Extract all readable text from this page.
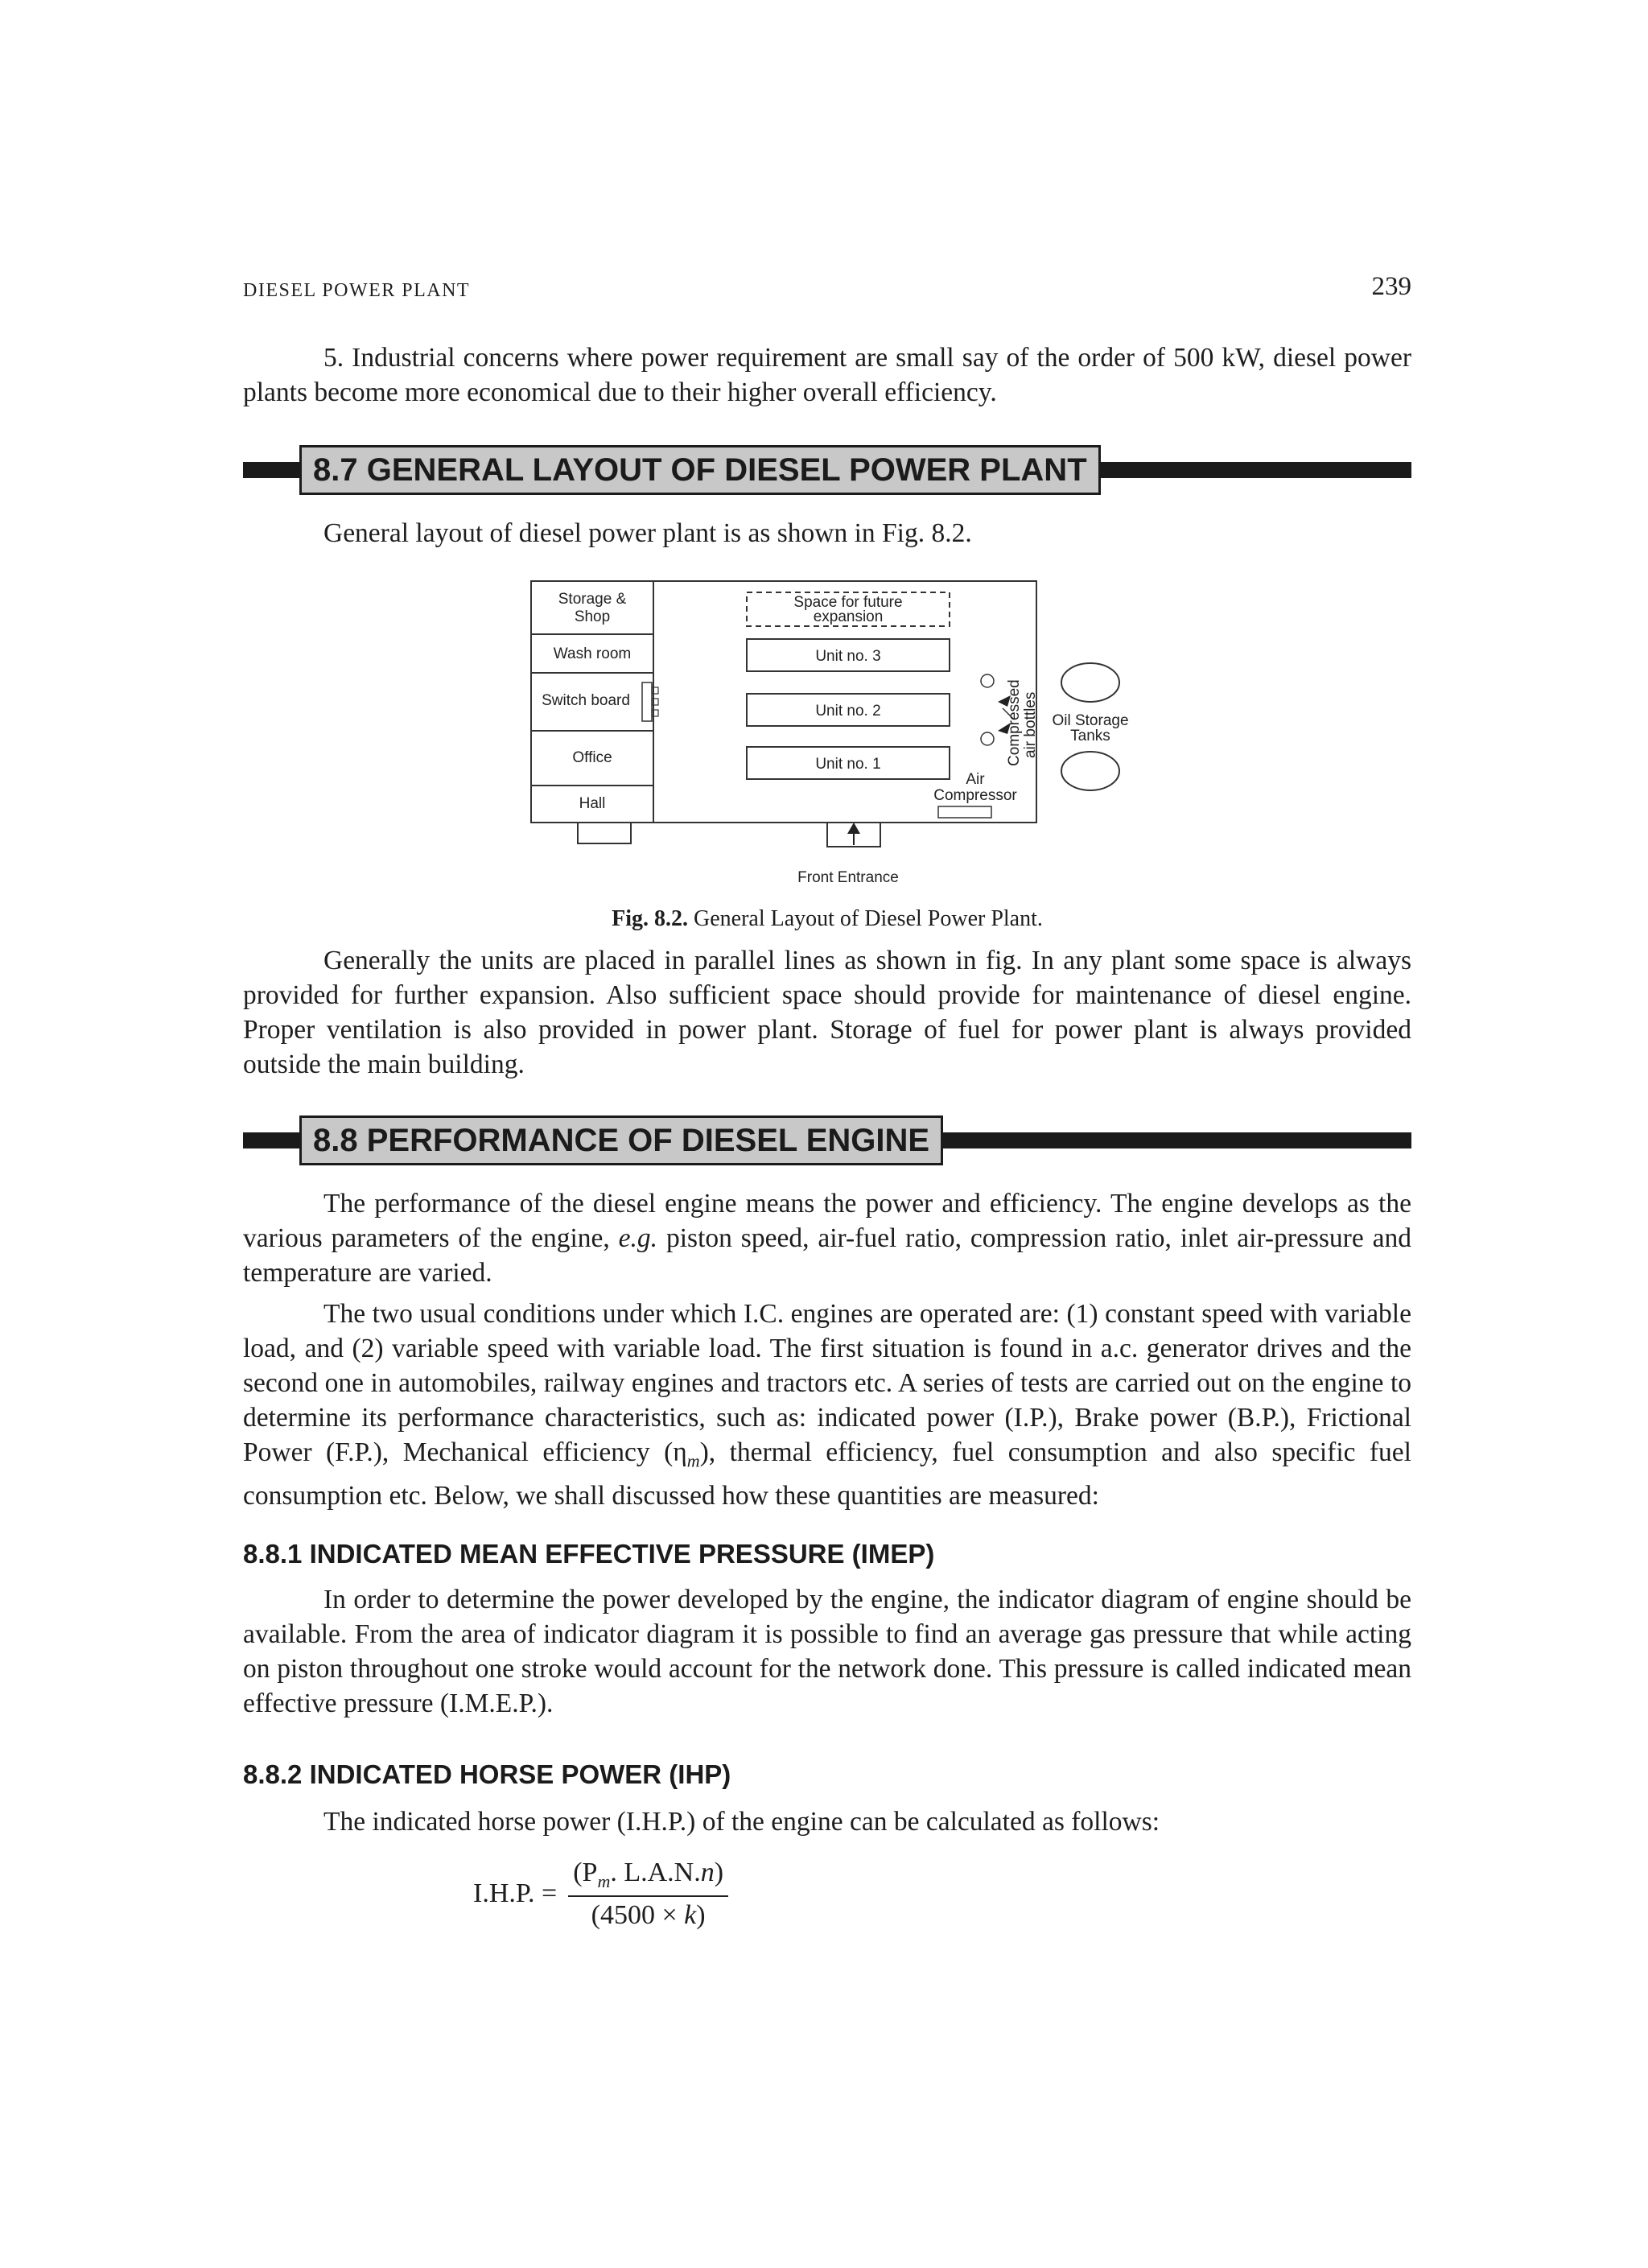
DIESEL POWER PLANT	239

5. Industrial concerns where power requirement are small say of the order of 500 kW, diesel power plants become more economical due to their higher overall efficiency.

8.7 GENERAL LAYOUT OF DIESEL POWER PLANT

General layout of diesel power plant is as shown in Fig. 8.2.

Storage &
Shop
Wash room
Switch board
Office
Hall
Space for future
expansion
Unit no. 3
Unit no. 2
Unit no. 1	Compressed air bottles
Air
Compressor
Oil Storage
Tanks
Front Entrance
Fig. 8.2. General Layout of Diesel Power Plant.

Generally the units are placed in parallel lines as shown in fig. In any plant some space is always provided for further expansion. Also sufficient space should provide for maintenance of diesel engine. Proper ventilation is also provided in power plant. Storage of fuel for power plant is always provided outside the main building.

8.8 PERFORMANCE OF DIESEL ENGINE

The performance of the diesel engine means the power and efficiency. The engine develops as the various parameters of the engine, e.g. piston speed, air-fuel ratio, compression ratio, inlet air-pressure and temperature are varied.

The two usual conditions under which I.C. engines are operated are: (1) constant speed with variable load, and (2) variable speed with variable load. The first situation is found in a.c. generator drives and the second one in automobiles, railway engines and tractors etc. A series of tests are carried out on the engine to determine its performance characteristics, such as: indicated power (I.P.), Brake power (B.P.), Frictional Power (F.P.), Mechanical efficiency $(\eta_m)$, thermal efficiency, fuel consumption and also specific fuel consumption etc. Below, we shall discussed how these quantities are measured:

8.8.1 INDICATED MEAN EFFECTIVE PRESSURE (IMEP)

In order to determine the power developed by the engine, the indicator diagram of engine should be available. From the area of indicator diagram it is possible to find an average gas pressure that while acting on piston throughout one stroke would account for the network done. This pressure is called indicated mean effective pressure (I.M.E.P.).

8.8.2 INDICATED HORSE POWER (IHP)

The indicated horse power (I.H.P.) of the engine can be calculated as follows:

I.H.P. = $\frac{(P_m. L.A.N.n)}{(4500 \times k)}$
